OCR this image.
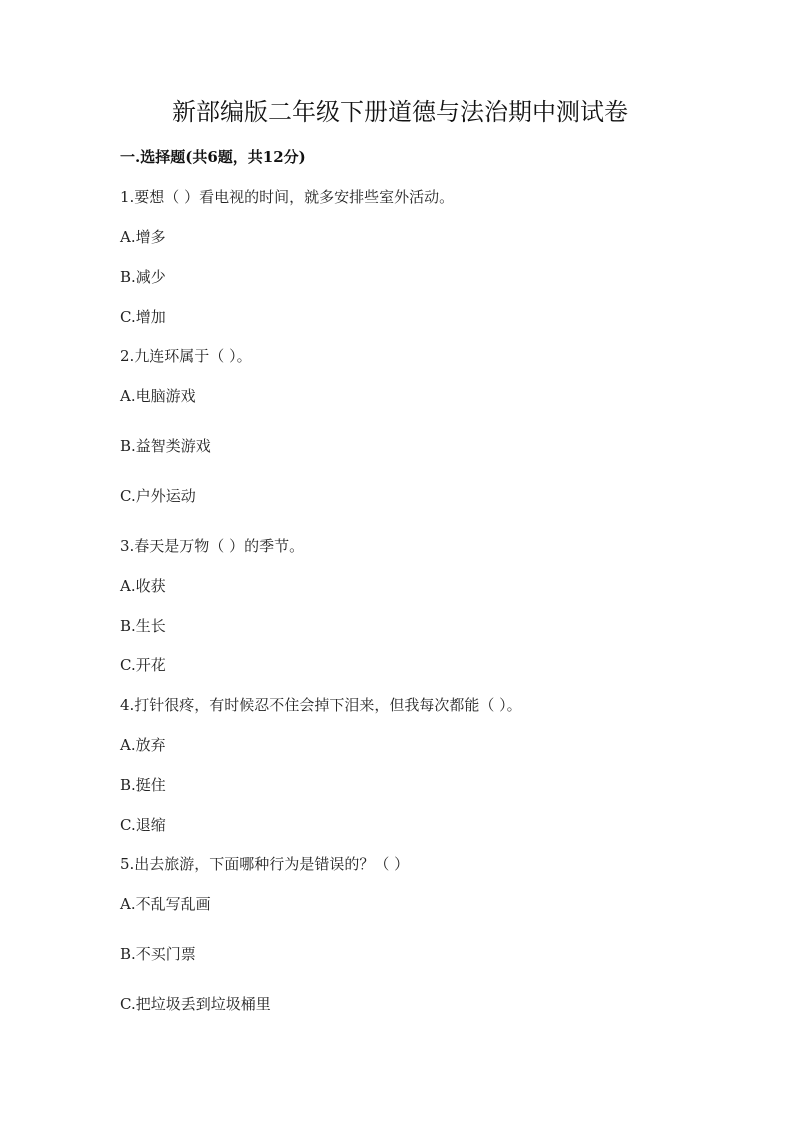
新部编版二年级下册道德与法治期中测试卷
一.选择题(共6题，共12分)
1.要想（ ）看电视的时间，就多安排些室外活动。
A.增多
B.减少
C.增加
2.九连环属于（ ）。
A.电脑游戏
B.益智类游戏
C.户外运动
3.春天是万物（ ）的季节。
A.收获
B.生长
C.开花
4.打针很疼，有时候忍不住会掉下泪来，但我每次都能（ ）。
A.放弃
B.挺住
C.退缩
5.出去旅游，下面哪种行为是错误的？（ ）
A.不乱写乱画
B.不买门票
C.把垃圾丢到垃圾桶里
